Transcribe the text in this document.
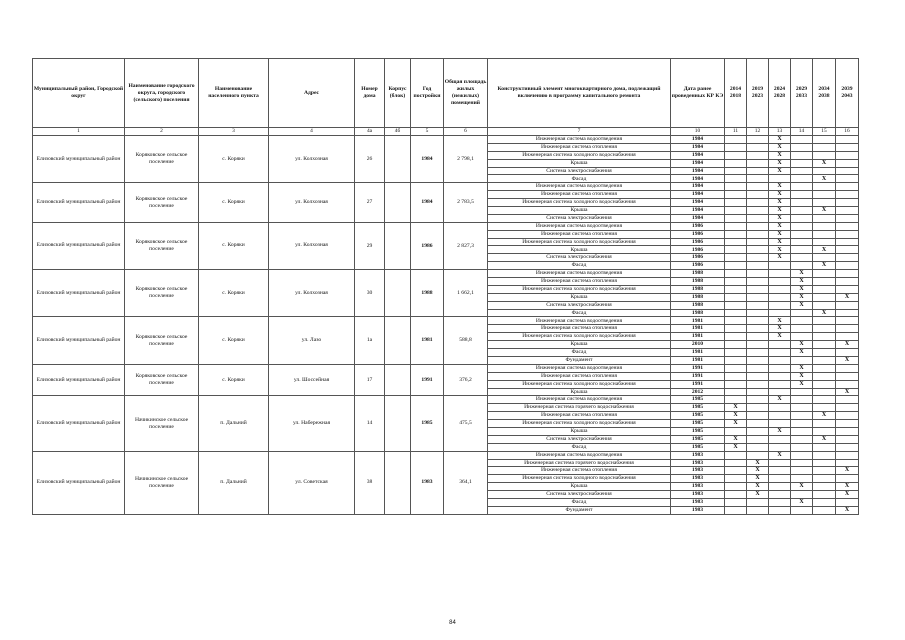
Муниципальный район, Городской округ	Наименование городского округа, городского (сельского) поселения	Наименование населенного пункта	Адрес	Номер дома	Корпус (блок)	Год постройки	Общая площадь жилых (нежилых) помещений	Конструктивный элемент многоквартирного дома, подлежащий включению в программу капитального ремонта	Дата ранее проведенных КР КЭ	2014 2018	2019 2023	2024 2028	2029 2033	2034 2038	2039 2043
1	2	3	4	4а	4б	5	6	7	10	11	12	13	14	15	16
Елизовский муниципальный район	Коряковское сельское поселение	с. Коряки	ул. Колхозная	26		1984	2 798,1	Инженерная система водоотведения	1984			X			
								Инженерная система отопления	1984			X			
								Инженерная система холодного водоснабжения	1984			X			
								Крыша	1984			X		X	
								Система электроснабжения	1984			X			
								Фасад	1984					X	
Елизовский муниципальный район	Коряковское сельское поселение	с. Коряки	ул. Колхозная	27		1984	2 783,5	Инженерная система водоотведения	1984			X			
								Инженерная система отопления	1984			X			
								Инженерная система холодного водоснабжения	1984			X			
								Крыша	1984			X		X	
								Система электроснабжения	1984			X			
Елизовский муниципальный район	Коряковское сельское поселение	с. Коряки	ул. Колхозная	29		1986	2 827,3	Инженерная система водоотведения	1986			X			
								Инженерная система отопления	1986			X			
								Инженерная система холодного водоснабжения	1986			X			
								Крыша	1986			X		X	
								Система электроснабжения	1986			X			
								Фасад	1986					X	
Елизовский муниципальный район	Коряковское сельское поселение	с. Коряки	ул. Колхозная	30		1988	1 662,1	Инженерная система водоотведения	1988				X		
								Инженерная система отопления	1988				X		
								Инженерная система холодного водоснабжения	1988				X		
								Крыша	1988				X		X
								Система электроснабжения	1988				X		
								Фасад	1988					X	
Елизовский муниципальный район	Коряковское сельское поселение	с. Коряки	ул. Лазо	1а		1981	588,8	Инженерная система водоотведения	1981			X			
								Инженерная система отопления	1981			X			
								Инженерная система холодного водоснабжения	1981			X			
								Крыша	2010				X		X
								Фасад	1981				X		
								Фундамент	1981						X
Елизовский муниципальный район	Коряковское сельское поселение	с. Коряки	ул. Шоссейная	17		1991	376,2	Инженерная система водоотведения	1991				X		
								Инженерная система отопления	1991				X		
								Инженерная система холодного водоснабжения	1991				X		
								Крыша	2012						X
Елизовский муниципальный район	Начикинское сельское поселение	п. Дальний	ул. Набережная	14		1985	475,5	Инженерная система водоотведения	1985			X			
								Инженерная система горячего водоснабжения	1985	X					
								Инженерная система отопления	1985	X				X	
								Инженерная система холодного водоснабжения	1985	X					
								Крыша	1985			X			
								Система электроснабжения	1985	X				X	
								Фасад	1985	X					
Елизовский муниципальный район	Начикинское сельское поселение	п. Дальний	ул. Советская	38		1983	364,1	Инженерная система водоотведения	1983			X			
								Инженерная система горячего водоснабжения	1983		X				
								Инженерная система отопления	1983		X				X
								Инженерная система холодного водоснабжения	1983		X				
								Крыша	1983		X		X		X
								Система электроснабжения	1983		X				X
								Фасад	1983				X		
								Фундамент	1983						X
84
